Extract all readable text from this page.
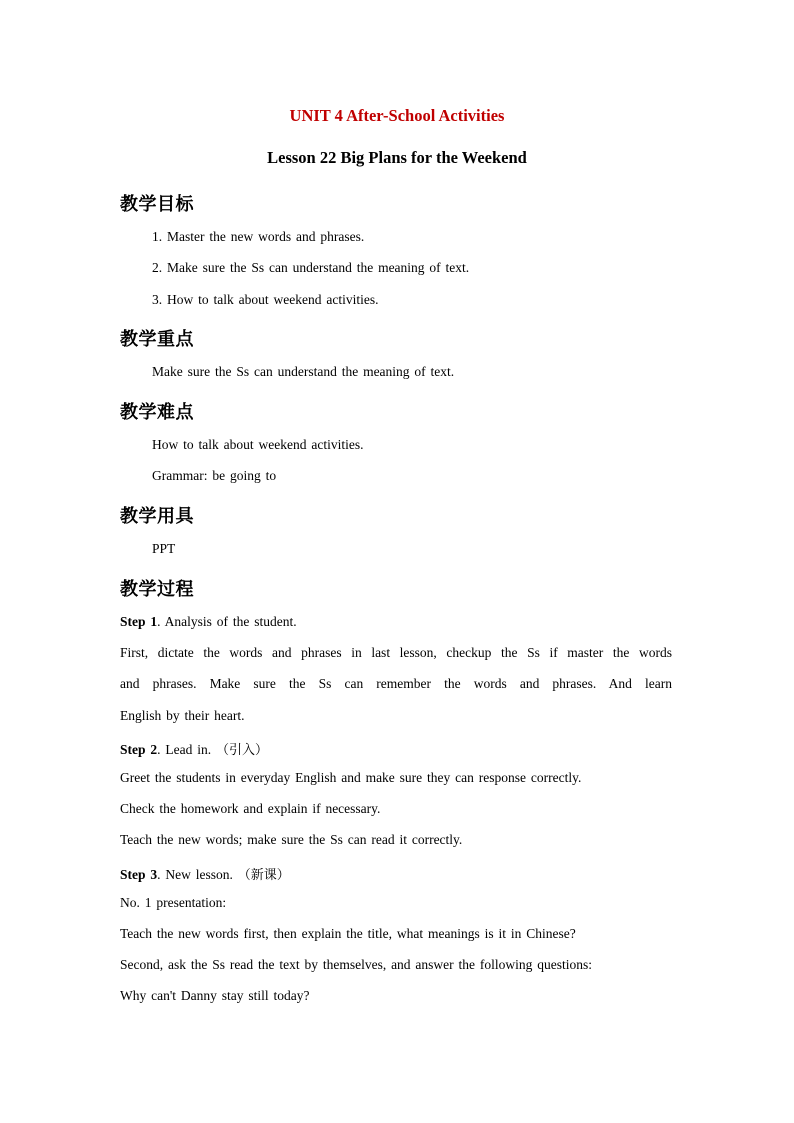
UNIT 4 After-School Activities
Lesson 22 Big Plans for the Weekend
教学目标
1. Master the new words and phrases.
2. Make sure the Ss can understand the meaning of text.
3. How to talk about weekend activities.
教学重点
Make sure the Ss can understand the meaning of text.
教学难点
How to talk about weekend activities.
Grammar: be going to
教学用具
PPT
教学过程
Step 1. Analysis of the student.
First, dictate the words and phrases in last lesson, checkup the Ss if master the words
and phrases. Make sure the Ss can remember the words and phrases. And learn
English by their heart.
Step 2. Lead in. （引入）
Greet the students in everyday English and make sure they can response correctly.
Check the homework and explain if necessary.
Teach the new words; make sure the Ss can read it correctly.
Step 3. New lesson. （新课）
No. 1 presentation:
Teach the new words first, then explain the title, what meanings is it in Chinese?
Second, ask the Ss read the text by themselves, and answer the following questions:
Why can't Danny stay still today?
